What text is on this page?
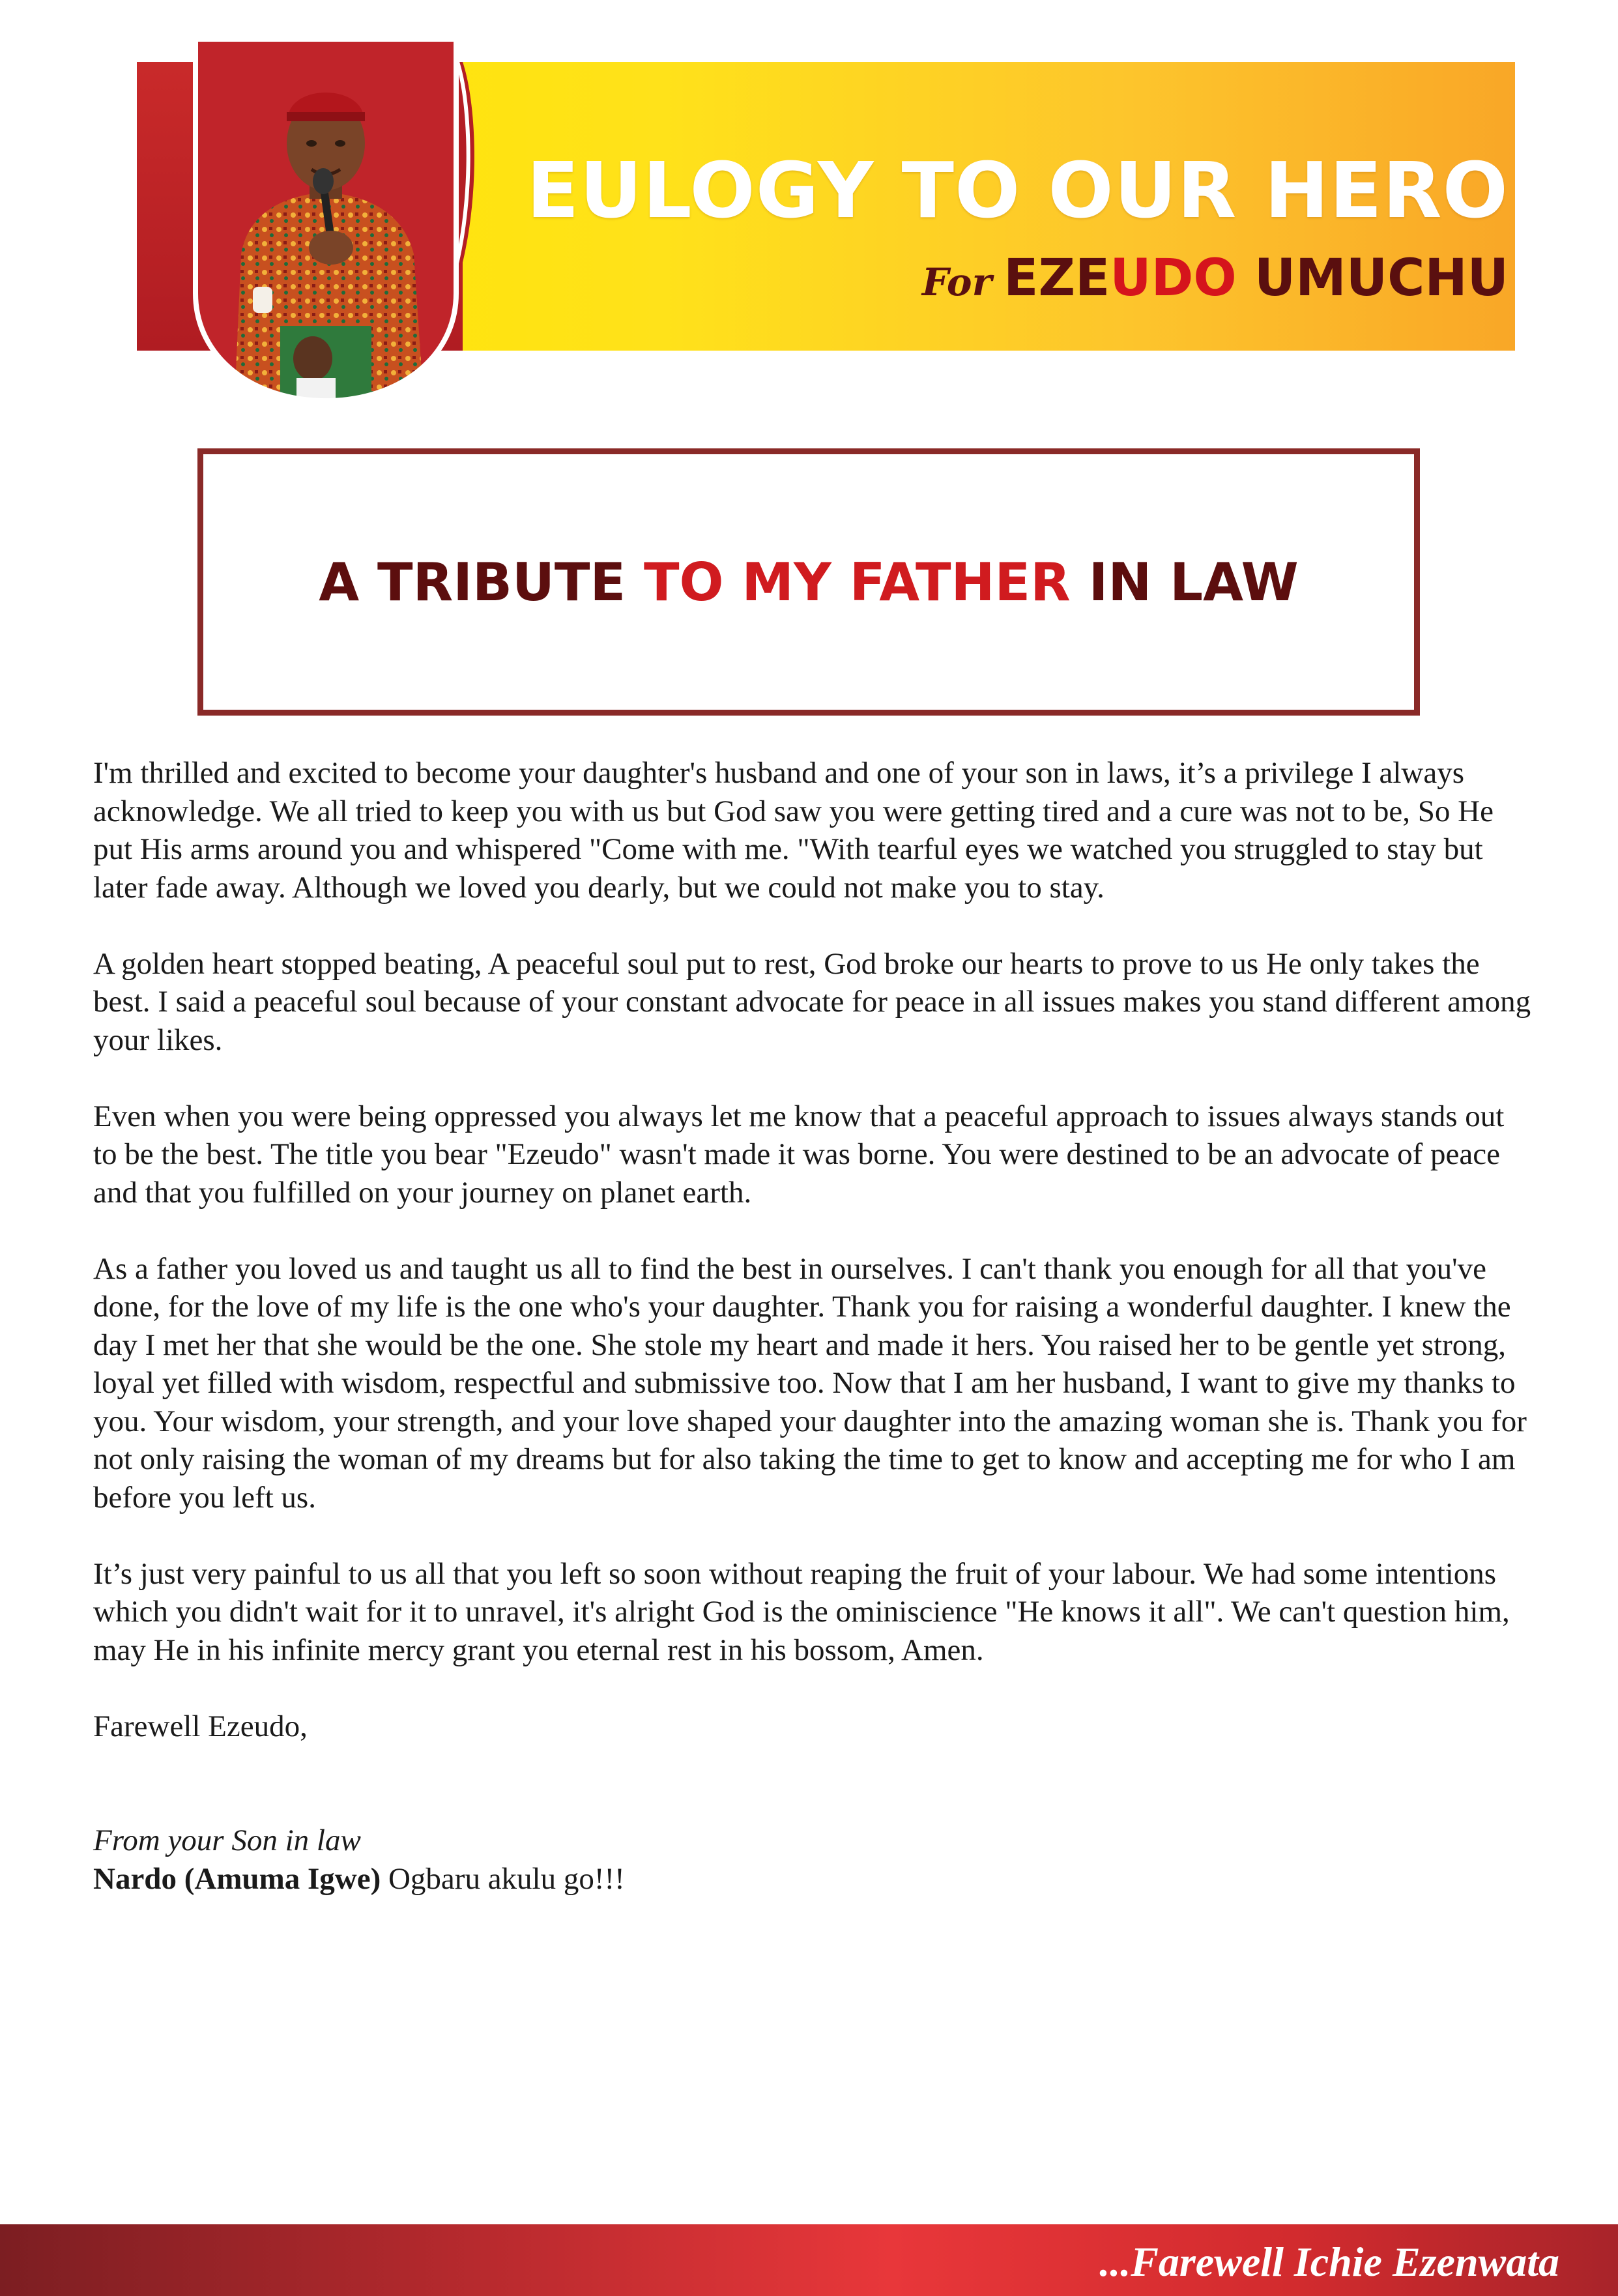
EULOGY TO OUR HERO
For EZEUDO UMUCHU
A TRIBUTE TO MY FATHER IN LAW

I'm thrilled and excited to become your daughter's husband and one of your son in laws, it’s a privilege I always acknowledge. We all tried to keep you with us but God saw you were getting tired and a cure was not to be, So He put His arms around you and whispered "Come with me. "With tearful eyes we watched you struggled to stay but later fade away. Although we loved you dearly, but we could not make you to stay.

A golden heart stopped beating, A peaceful soul put to rest, God broke our hearts to prove to us He only takes the best. I said a peaceful soul because of your constant advocate for peace in all issues makes you stand different among your likes.

Even when you were being oppressed you always let me know that a peaceful approach to issues always stands out to be the best. The title you bear "Ezeudo" wasn't made it was borne. You were destined to be an advocate of peace and that you fulfilled on your journey on planet earth.

As a father you loved us and taught us all to find the best in ourselves. I can't thank you enough for all that you've done, for the love of my life is the one who's your daughter. Thank you for raising a wonderful daughter. I knew the day I met her that she would be the one. She stole my heart and made it hers. You raised her to be gentle yet strong, loyal yet filled with wisdom, respectful and submissive too. Now that I am her husband, I want to give my thanks to you. Your wisdom, your strength, and your love shaped your daughter into the amazing woman she is. Thank you for not only raising the woman of my dreams but for also taking the time to get to know and accepting me for who I am before you left us.

It’s just very painful to us all that you left so soon without reaping the fruit of your labour. We had some intentions which you didn't wait for it to unravel, it's alright God is the ominiscience "He knows it all". We can't question him, may He in his infinite mercy grant you eternal rest in his bossom, Amen.

Farewell Ezeudo,

From your Son in law

Nardo (Amuma Igwe) Ogbaru akulu go!!!

...Farewell Ichie Ezenwata
